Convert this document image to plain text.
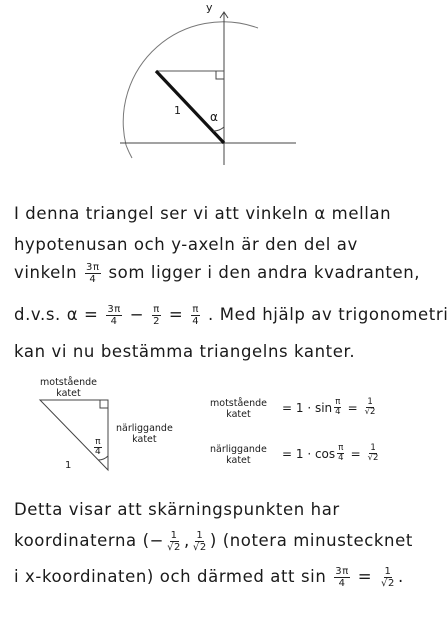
y
1 α
I denna triangel ser vi att vinkeln α mellan
hypotenusan och y-axeln är den del av
vinkeln $\frac{3\pi}{4}$ som ligger i den andra kvadranten,
d.v.s. $\alpha = \frac{3\pi}{4} - \frac{\pi}{2} = \frac{\pi}{4}$ . Med hjälp av trigonometri
kan vi nu bestämma triangelns kanter.
motstående
katet
närliggande
katet
1
$\frac{\pi}{4}$
motstående
katet	= $1 \cdot \sin \frac{\pi}{4} = \frac{1}{√2}$
närliggande
katet	= $1 \cdot \cos \frac{\pi}{4} = \frac{1}{√2}$
Detta visar att skärningspunkten har
koordinaterna (− $\frac{1}{√2}$ , $\frac{1}{√2}$ ) (notera minustecknet
i x-koordinaten) och därmed att $\sin \frac{3\pi}{4} = \frac{1}{√2}$ .
